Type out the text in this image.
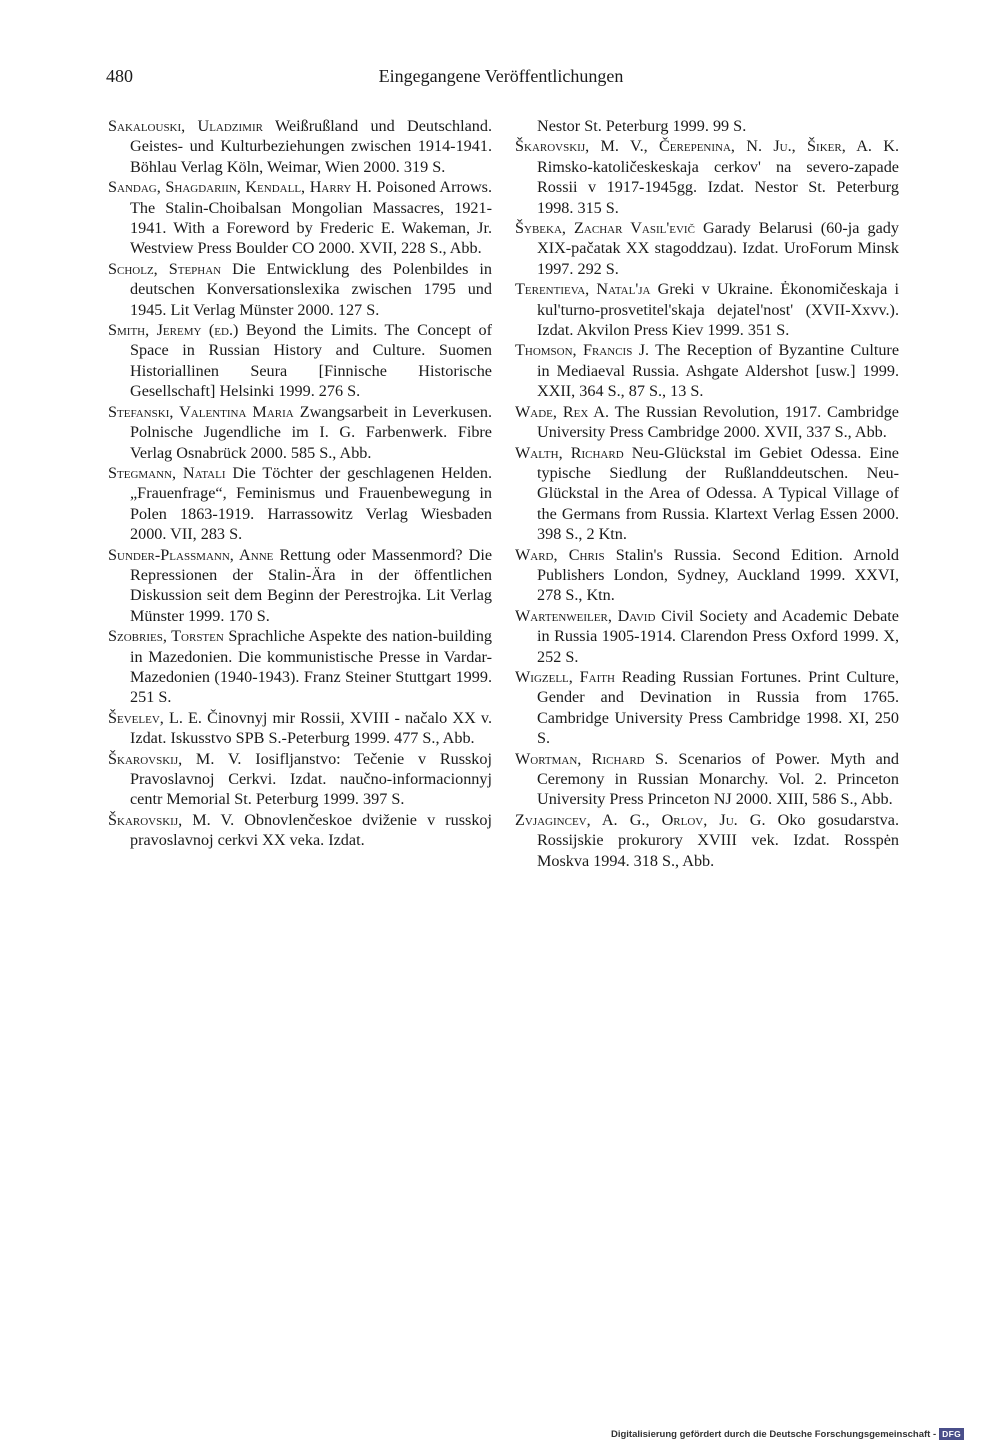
480	Eingegangene Veröffentlichungen

Sakalouski, Uladzimir Weißrußland und Deutschland. Geistes- und Kulturbeziehungen zwischen 1914-1941. Böhlau Verlag Köln, Weimar, Wien 2000. 319 S.

Sandag, Shagdariin, Kendall, Harry H. Poisoned Arrows. The Stalin-Choibalsan Mongolian Massacres, 1921-1941. With a Foreword by Frederic E. Wakeman, Jr. Westview Press Boulder CO 2000. XVII, 228 S., Abb.

Scholz, Stephan Die Entwicklung des Polenbildes in deutschen Konversationslexika zwischen 1795 und 1945. Lit Verlag Münster 2000. 127 S.

Smith, Jeremy (ed.) Beyond the Limits. The Concept of Space in Russian History and Culture. Suomen Historiallinen Seura [Finnische Historische Gesellschaft] Helsinki 1999. 276 S.

Stefanski, Valentina Maria Zwangsarbeit in Leverkusen. Polnische Jugendliche im I. G. Farbenwerk. Fibre Verlag Osnabrück 2000. 585 S., Abb.

Stegmann, Natali Die Töchter der geschlagenen Helden. „Frauenfrage“, Feminismus und Frauenbewegung in Polen 1863-1919. Harrassowitz Verlag Wiesbaden 2000. VII, 283 S.

Sunder-Plaßmann, Anne Rettung oder Massenmord? Die Repressionen der Stalin-Ära in der öffentlichen Diskussion seit dem Beginn der Perestrojka. Lit Verlag Münster 1999. 170 S.

Szobries, Torsten Sprachliche Aspekte des nation-building in Mazedonien. Die kommunistische Presse in Vardar-Mazedonien (1940-1943). Franz Steiner Stuttgart 1999. 251 S.

Ševelev, L. E. Činovnyj mir Rossii, XVIII - načalo XX v. Izdat. Iskusstvo SPB S.-Peterburg 1999. 477 S., Abb.

Škarovskij, M. V. Iosifljanstvo: Tečenie v Russkoj Pravoslavnoj Cerkvi. Izdat. naučno-informacionnyj centr Memorial St. Peterburg 1999. 397 S.

Škarovskij, M. V. Obnovlenčeskoe dviženie v russkoj pravoslavnoj cerkvi XX veka. Izdat.

Nestor St. Peterburg 1999. 99 S.

Škarovskij, M. V., Čerepenina, N. Ju., Šiker, A. K. Rimsko-katoličeskeskaja cerkov' na severo-zapade Rossii v 1917-1945gg. Izdat. Nestor St. Peterburg 1998. 315 S.

Šybeka, Zachar Vasil'evič Garady Belarusi (60-ja gady XIX-pačatak XX stagoddzau). Izdat. UroForum Minsk 1997. 292 S.

Terentieva, Natal'ja Greki v Ukraine. Ėkonomičeskaja i kul'turno-prosvetitel'skaja dejatel'nost' (XVII-Xxvv.). Izdat. Akvilon Press Kiev 1999. 351 S.

Thomson, Francis J. The Reception of Byzantine Culture in Mediaeval Russia. Ashgate Aldershot [usw.] 1999. XXII, 364 S., 87 S., 13 S.

Wade, Rex A. The Russian Revolution, 1917. Cambridge University Press Cambridge 2000. XVII, 337 S., Abb.

Walth, Richard Neu-Glückstal im Gebiet Odessa. Eine typische Siedlung der Rußlanddeutschen. Neu-Glückstal in the Area of Odessa. A Typical Village of the Germans from Russia. Klartext Verlag Essen 2000. 398 S., 2 Ktn.

Ward, Chris Stalin's Russia. Second Edition. Arnold Publishers London, Sydney, Auckland 1999. XXVI, 278 S., Ktn.

Wartenweiler, David Civil Society and Academic Debate in Russia 1905-1914. Clarendon Press Oxford 1999. X, 252 S.

Wigzell, Faith Reading Russian Fortunes. Print Culture, Gender and Devination in Russia from 1765. Cambridge University Press Cambridge 1998. XI, 250 S.

Wortman, Richard S. Scenarios of Power. Myth and Ceremony in Russian Monarchy. Vol. 2. Princeton University Press Princeton NJ 2000. XIII, 586 S., Abb.

Zvjagincev, A. G., Orlov, Ju. G. Oko gosudarstva. Rossijskie prokurory XVIII vek. Izdat. Rosspėn Moskva 1994. 318 S., Abb.

Digitalisierung gefördert durch die Deutsche Forschungsgemeinschaft - DFG
